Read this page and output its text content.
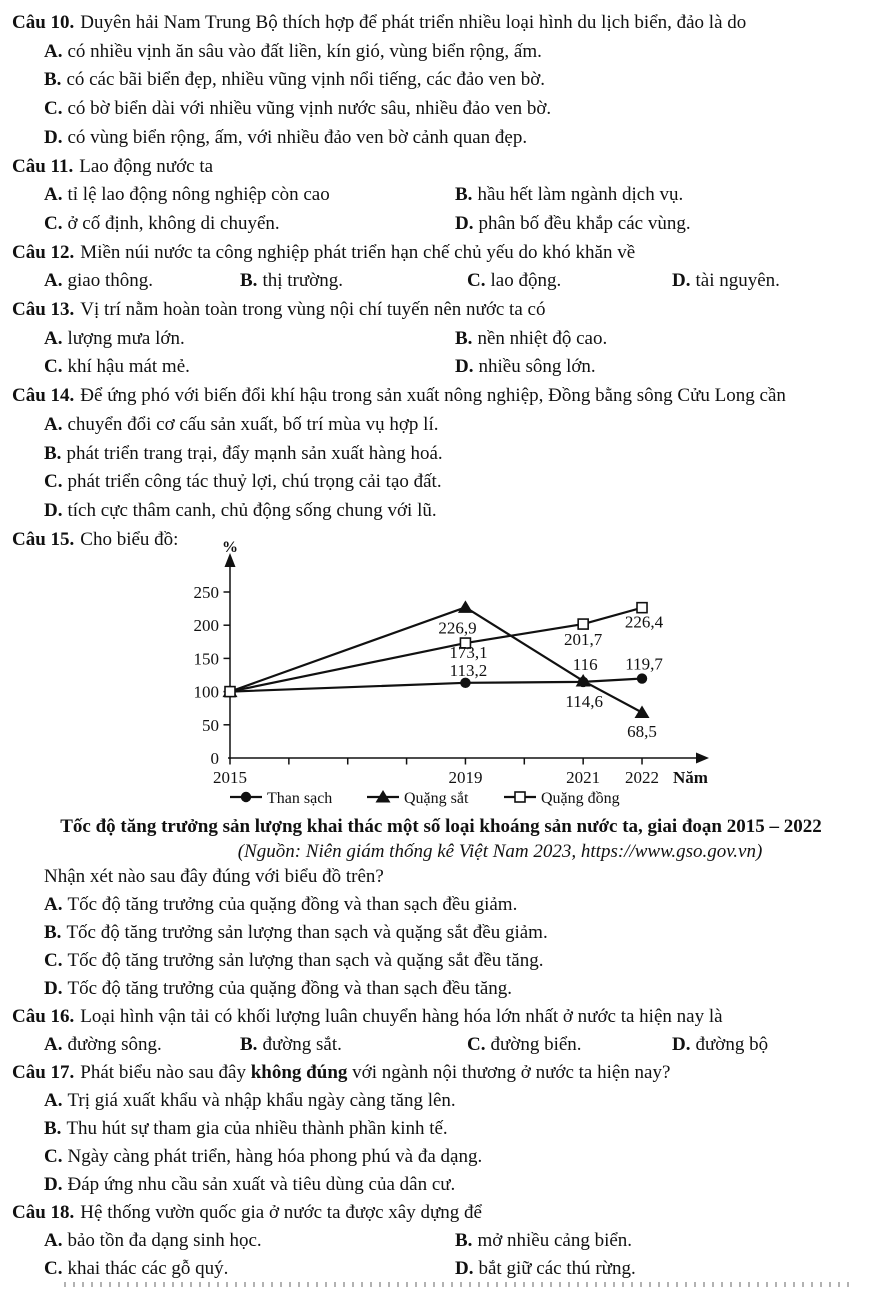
Câu 10. Duyên hải Nam Trung Bộ thích hợp để phát triển nhiều loại hình du lịch biển, đảo là do
A. có nhiều vịnh ăn sâu vào đất liền, kín gió, vùng biển rộng, ấm.
B. có các bãi biển đẹp, nhiều vũng vịnh nổi tiếng, các đảo ven bờ.
C. có bờ biển dài với nhiều vũng vịnh nước sâu, nhiều đảo ven bờ.
D. có vùng biển rộng, ấm, với nhiều đảo ven bờ cảnh quan đẹp.
Câu 11. Lao động nước ta
A. tỉ lệ lao động nông nghiệp còn cao	B. hầu hết làm ngành dịch vụ.
C. ở cố định, không di chuyển.	D. phân bố đều khắp các vùng.
Câu 12. Miền núi nước ta công nghiệp phát triển hạn chế chủ yếu do khó khăn về
A. giao thông.	B. thị trường.	C. lao động.	D. tài nguyên.
Câu 13. Vị trí nằm hoàn toàn trong vùng nội chí tuyến nên nước ta có
A. lượng mưa lớn.	B. nền nhiệt độ cao.
C. khí hậu mát mẻ.	D. nhiều sông lớn.
Câu 14. Để ứng phó với biến đổi khí hậu trong sản xuất nông nghiệp, Đồng bằng sông Cửu Long cần
A. chuyển đổi cơ cấu sản xuất, bố trí mùa vụ hợp lí.
B. phát triển trang trại, đẩy mạnh sản xuất hàng hoá.
C. phát triển công tác thuỷ lợi, chú trọng cải tạo đất.
D. tích cực thâm canh, chủ động sống chung với lũ.
Câu 15. Cho biểu đồ:
0
50
100
150
200
250
2015	2019	2021 2022
%
Năm
226,9
116
68,5
113,2
114,6
119,7
173,1
201,7
226,4
Than sạch	Quặng sắt	Quặng đồng
Tốc độ tăng trưởng sản lượng khai thác một số loại khoáng sản nước ta, giai đoạn 2015 – 2022
(Nguồn: Niên giám thống kê Việt Nam 2023, https://www.gso.gov.vn)
Nhận xét nào sau đây đúng với biểu đồ trên?
A. Tốc độ tăng trưởng của quặng đồng và than sạch đều giảm.
B. Tốc độ tăng trưởng sản lượng than sạch và quặng sắt đều giảm.
C. Tốc độ tăng trưởng sản lượng than sạch và quặng sắt đều tăng.
D. Tốc độ tăng trưởng của quặng đồng và than sạch đều tăng.
Câu 16. Loại hình vận tải có khối lượng luân chuyển hàng hóa lớn nhất ở nước ta hiện nay là
A. đường sông.	B. đường sắt.	C. đường biển.	D. đường bộ
Câu 17. Phát biểu nào sau đây không đúng với ngành nội thương ở nước ta hiện nay?
A. Trị giá xuất khẩu và nhập khẩu ngày càng tăng lên.
B. Thu hút sự tham gia của nhiều thành phần kinh tế.
C. Ngày càng phát triển, hàng hóa phong phú và đa dạng.
D. Đáp ứng nhu cầu sản xuất và tiêu dùng của dân cư.
Câu 18. Hệ thống vườn quốc gia ở nước ta được xây dựng để
A. bảo tồn đa dạng sinh học.	B. mở nhiều cảng biển.
C. khai thác các gỗ quý.	D. bắt giữ các thú rừng.
